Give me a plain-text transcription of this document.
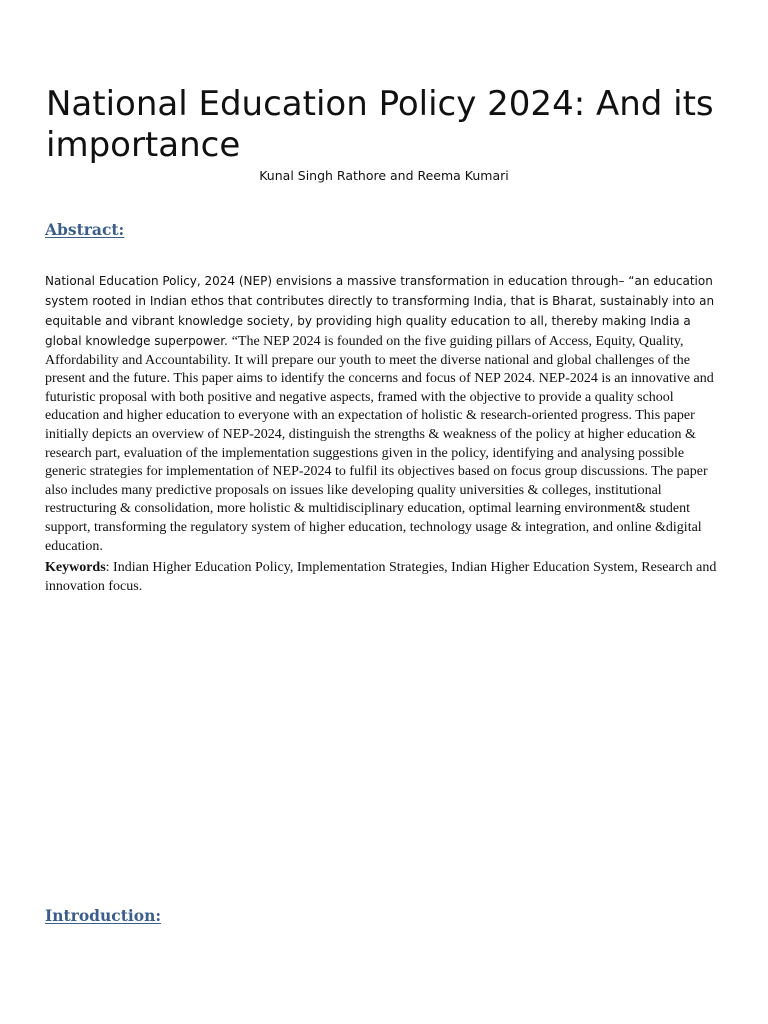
National Education Policy 2024: And its importance
Kunal Singh Rathore and Reema Kumari
Abstract:

National Education Policy, 2024 (NEP) envisions a massive transformation in education through– “an education system rooted in Indian ethos that contributes directly to transforming India, that is Bharat, sustainably into an equitable and vibrant knowledge society, by providing high quality education to all, thereby making India a global knowledge superpower. “The NEP 2024 is founded on the five guiding pillars of Access, Equity, Quality, Affordability and Accountability. It will prepare our youth to meet the diverse national and global challenges of the present and the future. This paper aims to identify the concerns and focus of NEP 2024. NEP-2024 is an innovative and futuristic proposal with both positive and negative aspects, framed with the objective to provide a quality school education and higher education to everyone with an expectation of holistic & research-oriented progress. This paper initially depicts an overview of NEP-2024, distinguish the strengths & weakness of the policy at higher education & research part, evaluation of the implementation suggestions given in the policy, identifying and analysing possible generic strategies for implementation of NEP-2024 to fulfil its objectives based on focus group discussions. The paper also includes many predictive proposals on issues like developing quality universities & colleges, institutional restructuring & consolidation, more holistic & multidisciplinary education, optimal learning environment& student support, transforming the regulatory system of higher education, technology usage & integration, and online &digital education.

Keywords: Indian Higher Education Policy, Implementation Strategies, Indian Higher Education System, Research and innovation focus.

Introduction:
